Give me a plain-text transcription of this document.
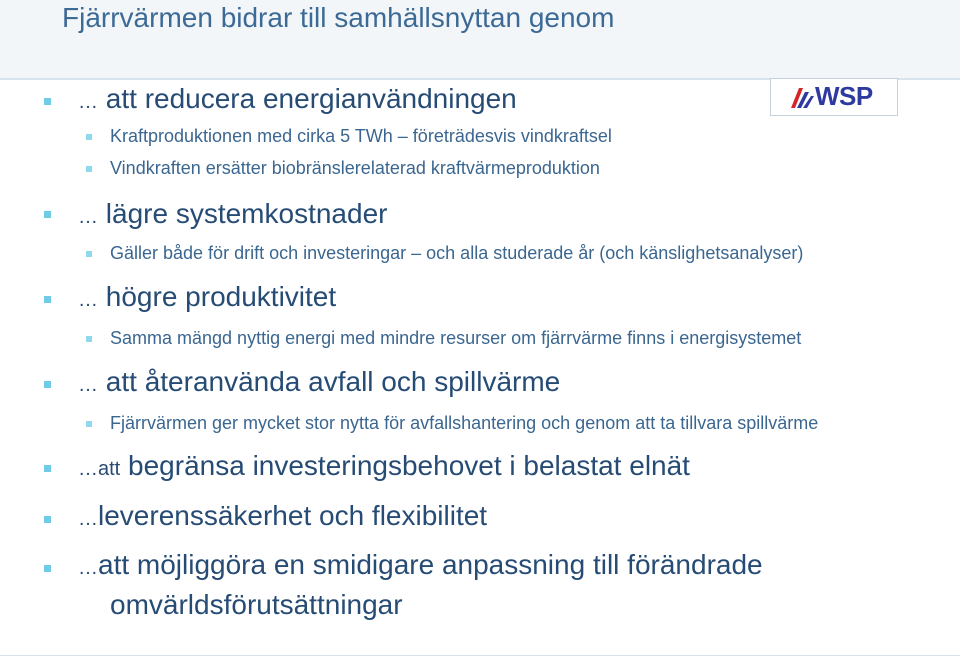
Fjärrvärmen bidrar till samhällsnyttan genom
WSP
… att reducera energianvändningen
Kraftproduktionen med cirka 5 TWh – företrädesvis vindkraftsel
Vindkraften ersätter biobränslerelaterad kraftvärmeproduktion
… lägre systemkostnader
Gäller både för drift och investeringar – och alla studerade år (och känslighetsanalyser)
… högre produktivitet
Samma mängd nyttig energi med mindre resurser om fjärrvärme finns i energisystemet
… att återanvända avfall och spillvärme
Fjärrvärmen ger mycket stor nytta för avfallshantering och genom att ta tillvara spillvärme
…att begränsa investeringsbehovet i belastat elnät
…leverenssäkerhet och flexibilitet
…att möjliggöra en smidigare anpassning till förändrade
omvärldsförutsättningar
